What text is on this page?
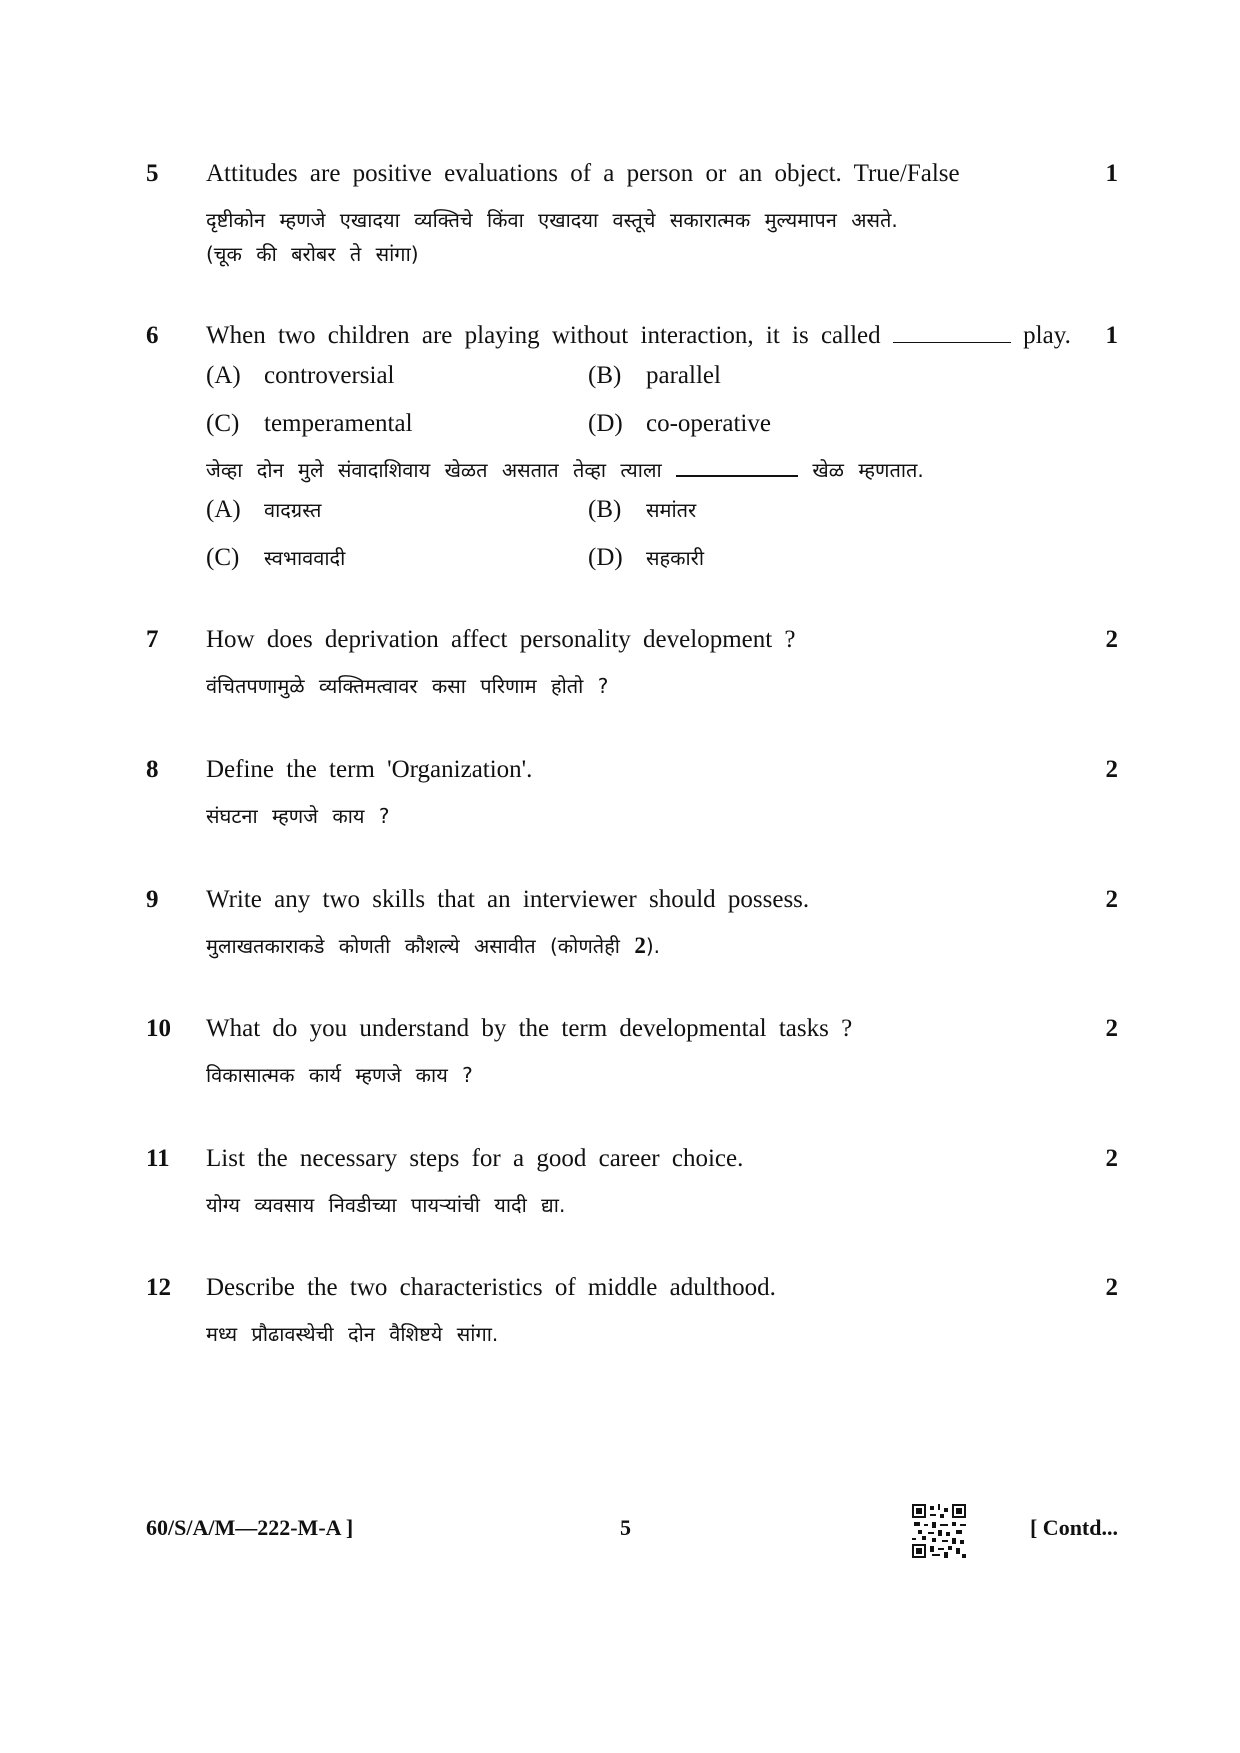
5	Attitudes are positive evaluations of a person or an object. True/False
दृष्टीकोन म्हणजे एखादया व्यक्तिचे किंवा एखादया वस्तूचे सकारात्मक मुल्यमापन असते.
(चूक की बरोबर ते सांगा)
1
6	When two children are playing without interaction, it is called	play.
(A) controversial	(B) parallel
(C) temperamental	(D) co-operative
जेव्हा दोन मुले संवादाशिवाय खेळत असतात तेव्हा त्याला	खेळ म्हणतात.
(A) वादग्रस्त	(B) समांतर
(C) स्वभाववादी	(D) सहकारी
1
7	How does deprivation affect personality development ?
वंचितपणामुळे व्यक्तिमत्वावर कसा परिणाम होतो ?
2
8	Define the term 'Organization'.
संघटना म्हणजे काय ?
2
9	Write any two skills that an interviewer should possess.
मुलाखतकाराकडे कोणती कौशल्ये असावीत (कोणतेही 2).
2
10	What do you understand by the term developmental tasks ?
विकासात्मक कार्य म्हणजे काय ?
2
11	List the necessary steps for a good career choice.
योग्य व्यवसाय निवडीच्या पायऱ्यांची यादी द्या.
2
12	Describe the two characteristics of middle adulthood.
मध्य प्रौढावस्थेची दोन वैशिष्टये सांगा.
2
60/S/A/M—222-M-A ]	5	[ Contd...
